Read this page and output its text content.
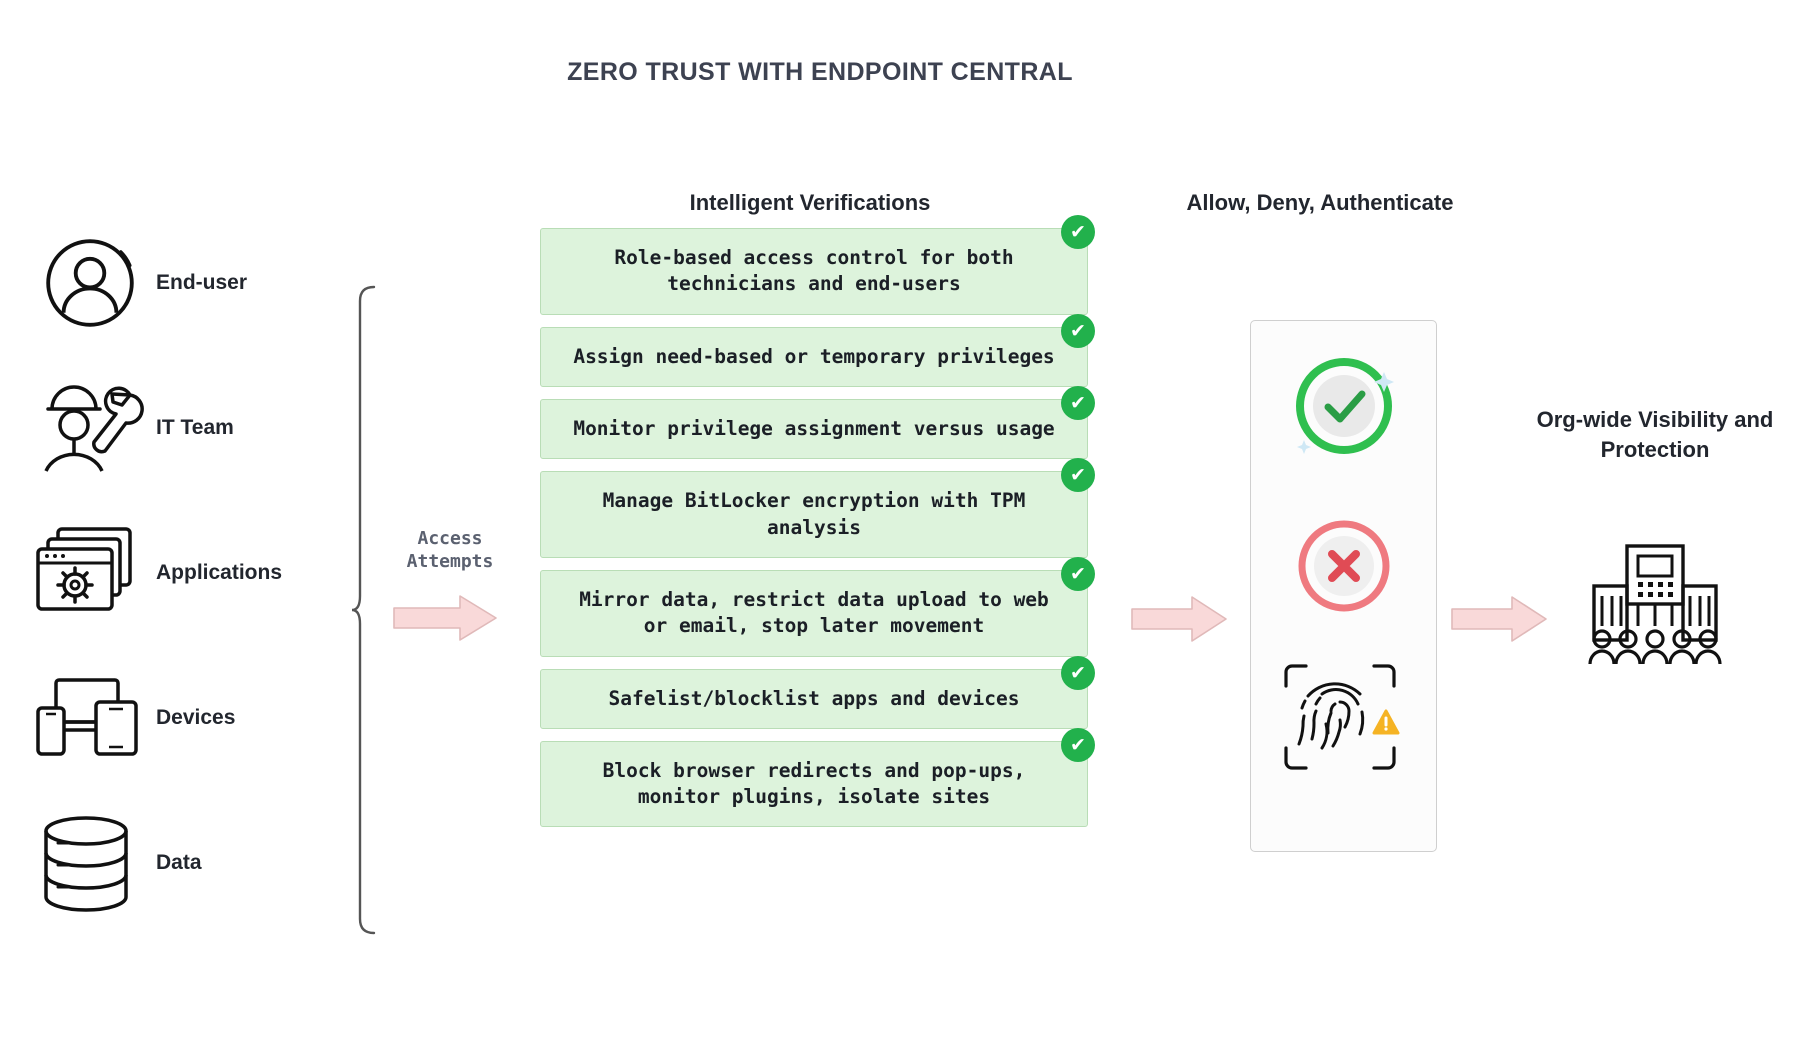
ZERO TRUST WITH ENDPOINT CENTRAL
End-user
IT Team
Applications
Devices
Data
Access
Attempts
Intelligent Verifications
✔
Role-based access control for both technicians and end-users
✔
Assign need-based or temporary privileges
✔
Monitor privilege assignment versus usage
✔
Manage BitLocker encryption with TPM analysis
✔
Mirror data, restrict data upload to web or email, stop later movement
✔
Safelist/blocklist apps and devices
✔
Block browser redirects and pop-ups, monitor plugins, isolate sites
Allow, Deny, Authenticate
Org-wide Visibility and Protection
